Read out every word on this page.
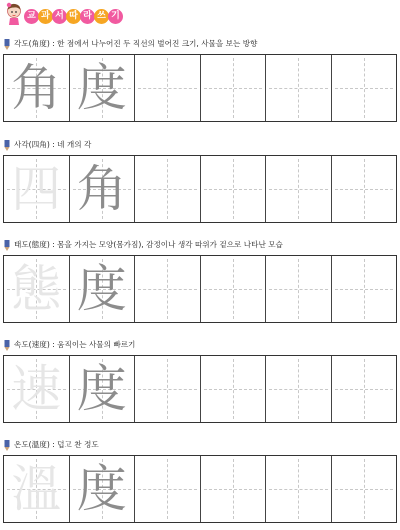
교 과 서 따 라 쓰 기
각도(角度) : 한 점에서 나누어진 두 직선의 벌어진 크기, 사물을 보는 방향
角 度
사각(四角) : 네 개의 각
四 角
태도(態度) : 몸을 가지는 모양(몸가짐), 감정이나 생각 따위가 겉으로 나타난 모습
態 度
속도(速度) : 움직이는 사물의 빠르기
速 度
온도(溫度) : 덥고 찬 정도
溫 度
